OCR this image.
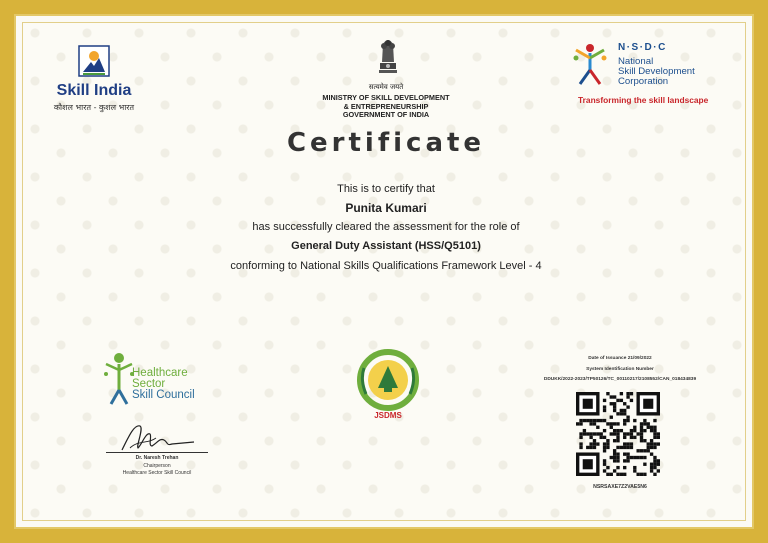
Skill India
कौशल भारत - कुशल भारत
सत्यमेव जयते
MINISTRY OF SKILL DEVELOPMENT
& ENTREPRENEURSHIP
GOVERNMENT OF INDIA
N·S·D·C
National
Skill Development
Corporation
Transforming the skill landscape
Certificate
This is to certify that
Punita Kumari
has successfully cleared the assessment for the role of
General Duty Assistant (HSS/Q5101)
conforming to National Skills Qualifications Framework Level - 4
Healthcare
Sector
Skill Council
Dr. Naresh Trehan
Chairperson
Healthcare Sector Skill Council
JSDMS
Date of Issuance 21/09/2022
System Identification Number
DDUKK/2022-2023/TP50126/TC_00110217/2108552/CAN_018434839
NSRSAXE7Z2VAE5N6
